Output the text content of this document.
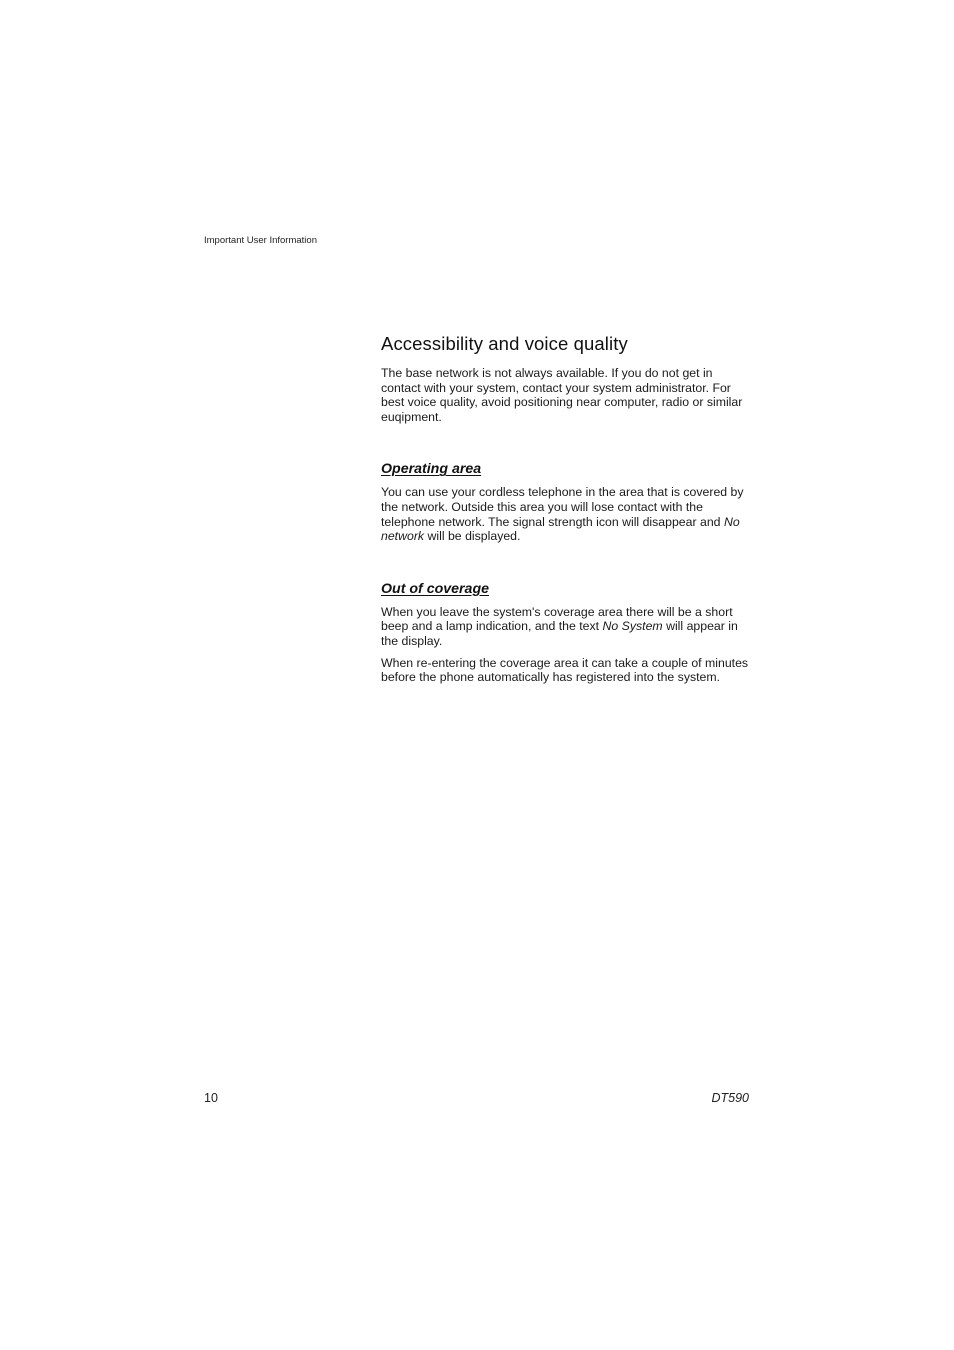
Important User Information
Accessibility and voice quality

The base network is not always available. If you do not get in contact with your system, contact your system administrator. For best voice quality, avoid positioning near computer, radio or similar euqipment.

Operating area

You can use your cordless telephone in the area that is covered by the network. Outside this area you will lose contact with the telephone network. The signal strength icon will disappear and No network will be displayed.

Out of coverage

When you leave the system's coverage area there will be a short beep and a lamp indication, and the text No System will appear in the display.

When re-entering the coverage area it can take a couple of minutes before the phone automatically has registered into the system.

10	DT590
